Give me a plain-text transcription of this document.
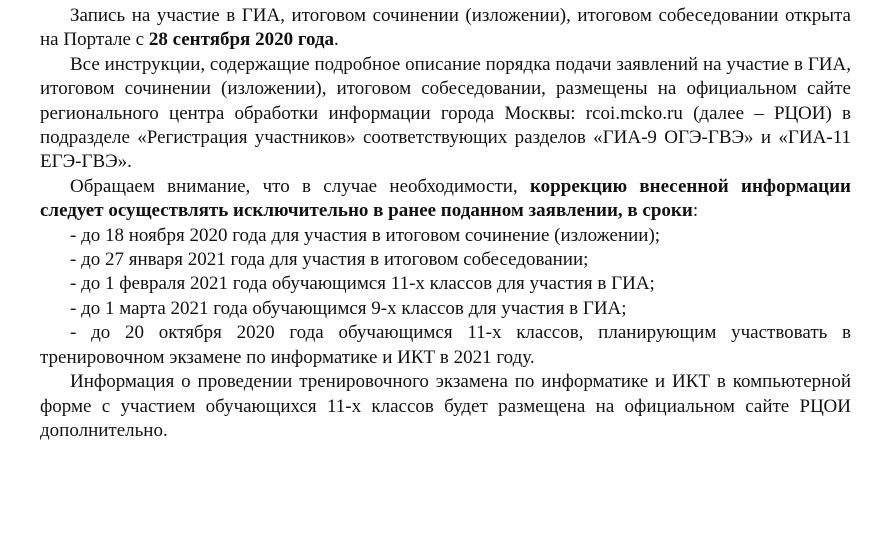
Запись на участие в ГИА, итоговом сочинении (изложении), итоговом собеседовании открыта на Портале с 28 сентября 2020 года.

Все инструкции, содержащие подробное описание порядка подачи заявлений на участие в ГИА, итоговом сочинении (изложении), итоговом собеседовании, размещены на официальном сайте регионального центра обработки информации города Москвы: rcoi.mcko.ru (далее – РЦОИ) в подразделе «Регистрация участников» соответствующих разделов «ГИА-9 ОГЭ-ГВЭ» и «ГИА-11 ЕГЭ-ГВЭ».

Обращаем внимание, что в случае необходимости, коррекцию внесенной информации следует осуществлять исключительно в ранее поданном заявлении, в сроки:

- до 18 ноября 2020 года для участия в итоговом сочинение (изложении);

- до 27 января 2021 года для участия в итоговом собеседовании;

- до 1 февраля 2021 года обучающимся 11-х классов для участия в ГИА;

- до 1 марта 2021 года обучающимся 9-х классов для участия в ГИА;

- до 20 октября 2020 года обучающимся 11-х классов, планирующим участвовать в тренировочном экзамене по информатике и ИКТ в 2021 году.

Информация о проведении тренировочного экзамена по информатике и ИКТ в компьютерной форме с участием обучающихся 11-х классов будет размещена на официальном сайте РЦОИ дополнительно.
